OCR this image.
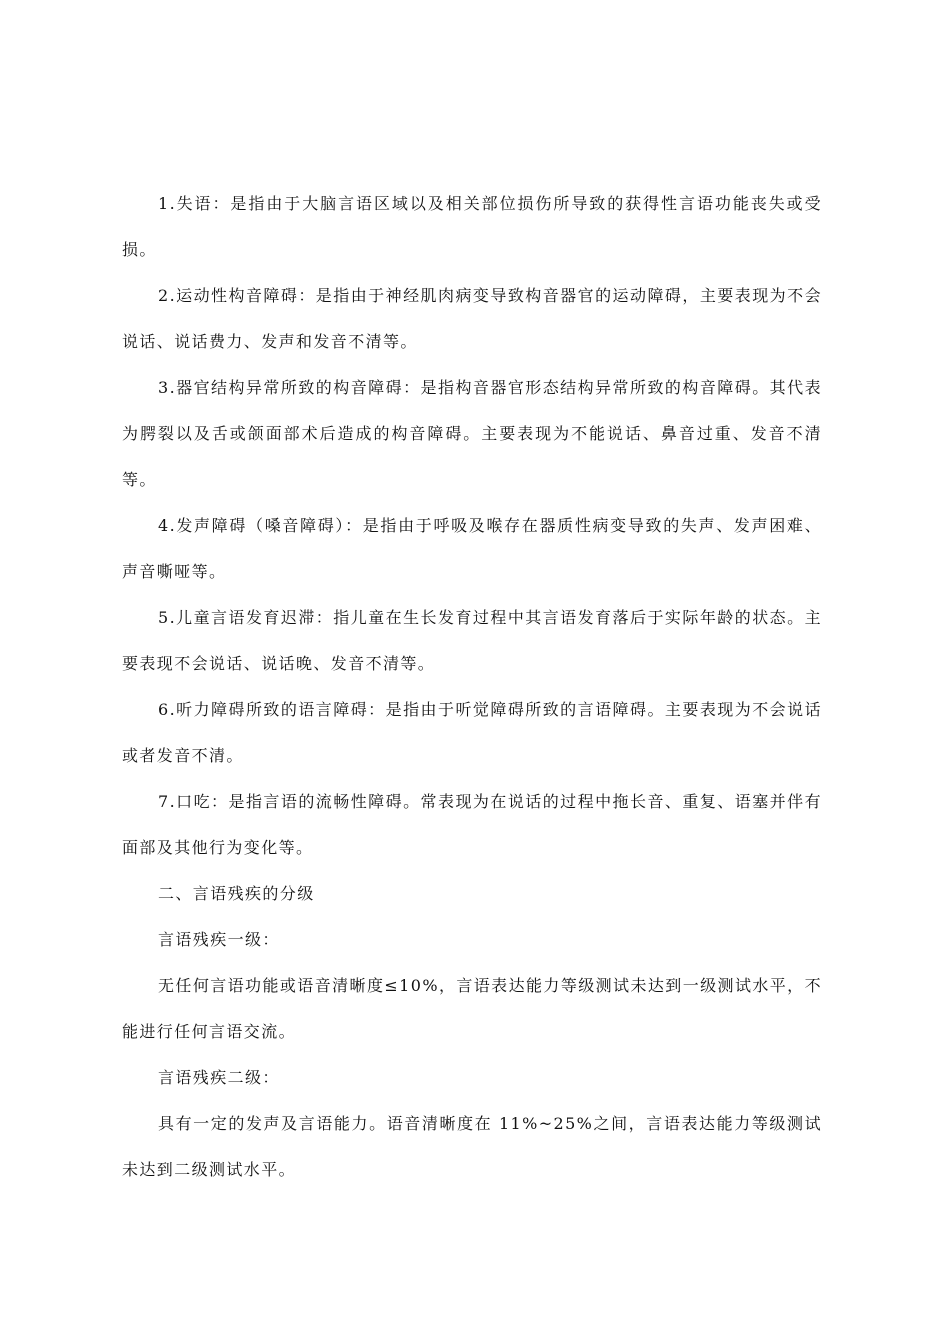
1.失语：是指由于大脑言语区域以及相关部位损伤所导致的获得性言语功能丧失或受损。

2.运动性构音障碍：是指由于神经肌肉病变导致构音器官的运动障碍，主要表现为不会说话、说话费力、发声和发音不清等。

3.器官结构异常所致的构音障碍：是指构音器官形态结构异常所致的构音障碍。其代表为腭裂以及舌或颌面部术后造成的构音障碍。主要表现为不能说话、鼻音过重、发音不清等。

4.发声障碍（嗓音障碍）：是指由于呼吸及喉存在器质性病变导致的失声、发声困难、声音嘶哑等。

5.儿童言语发育迟滞：指儿童在生长发育过程中其言语发育落后于实际年龄的状态。主要表现不会说话、说话晚、发音不清等。

6.听力障碍所致的语言障碍：是指由于听觉障碍所致的言语障碍。主要表现为不会说话或者发音不清。

7.口吃：是指言语的流畅性障碍。常表现为在说话的过程中拖长音、重复、语塞并伴有面部及其他行为变化等。

二、言语残疾的分级

言语残疾一级：

无任何言语功能或语音清晰度≤10%，言语表达能力等级测试未达到一级测试水平，不能进行任何言语交流。

言语残疾二级：

具有一定的发声及言语能力。语音清晰度在 11%~25%之间，言语表达能力等级测试未达到二级测试水平。
